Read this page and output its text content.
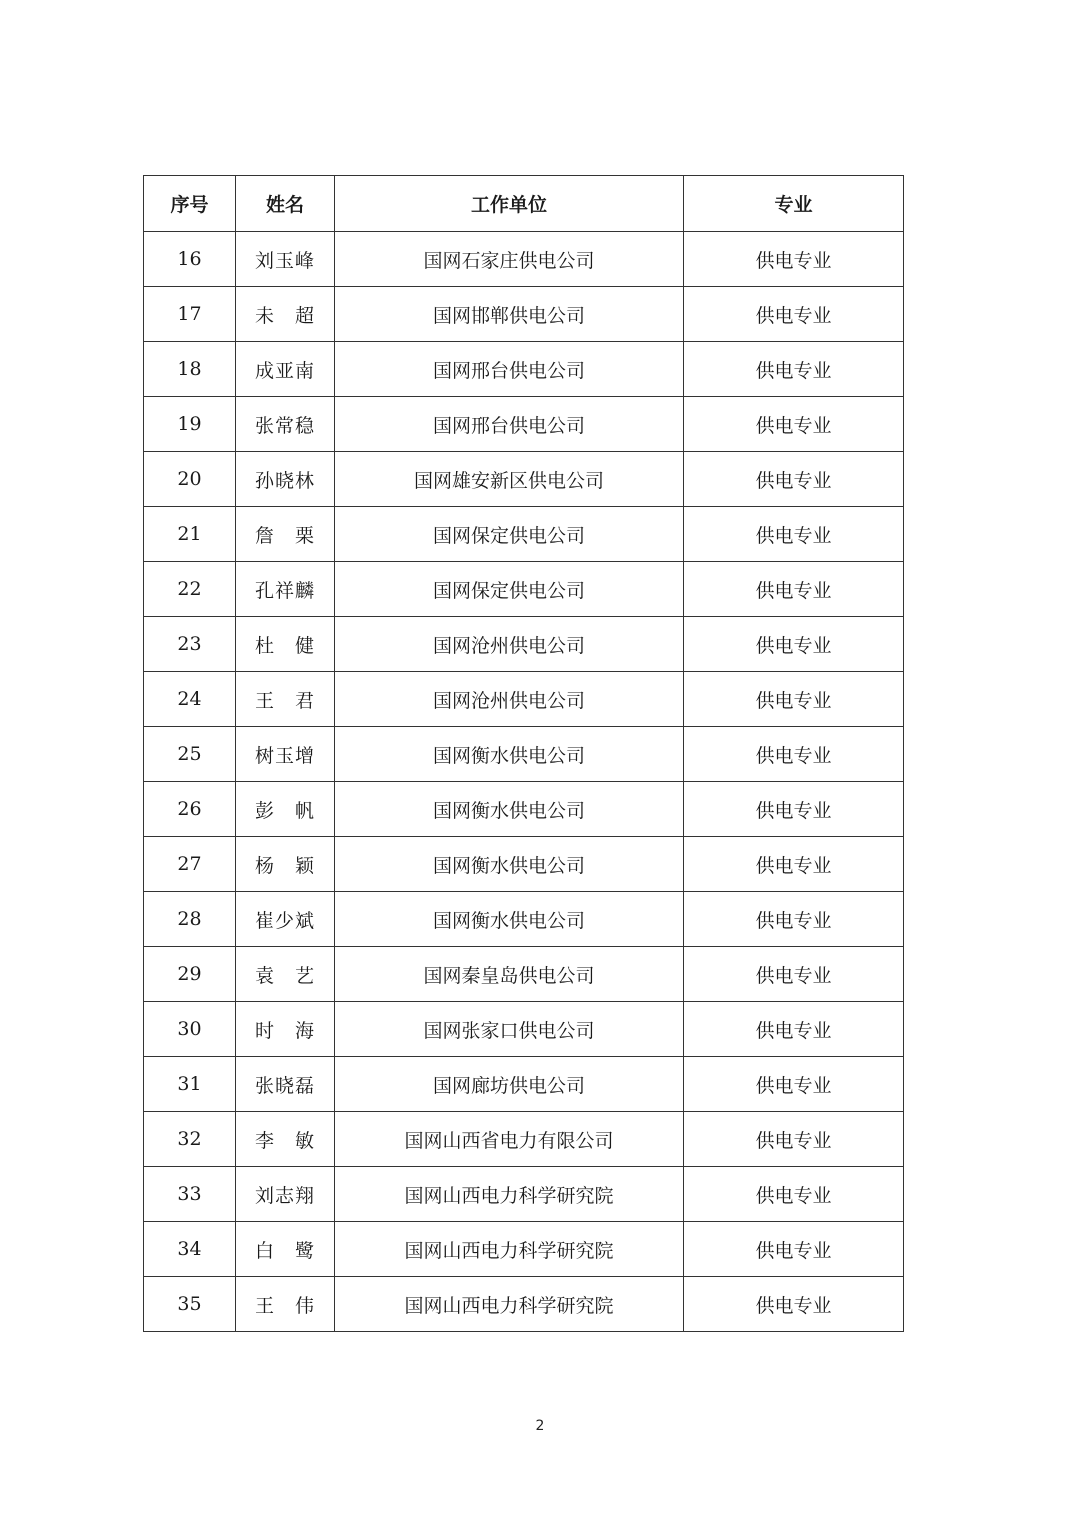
序号	姓名	工作单位	专业
16	刘玉峰	国网石家庄供电公司	供电专业
17	未　超	国网邯郸供电公司	供电专业
18	成亚南	国网邢台供电公司	供电专业
19	张常稳	国网邢台供电公司	供电专业
20	孙晓林	国网雄安新区供电公司	供电专业
21	詹　栗	国网保定供电公司	供电专业
22	孔祥麟	国网保定供电公司	供电专业
23	杜　健	国网沧州供电公司	供电专业
24	王　君	国网沧州供电公司	供电专业
25	树玉增	国网衡水供电公司	供电专业
26	彭　帆	国网衡水供电公司	供电专业
27	杨　颖	国网衡水供电公司	供电专业
28	崔少斌	国网衡水供电公司	供电专业
29	袁　艺	国网秦皇岛供电公司	供电专业
30	时　海	国网张家口供电公司	供电专业
31	张晓磊	国网廊坊供电公司	供电专业
32	李　敏	国网山西省电力有限公司	供电专业
33	刘志翔	国网山西电力科学研究院	供电专业
34	白　鹭	国网山西电力科学研究院	供电专业
35	王　伟	国网山西电力科学研究院	供电专业
2
